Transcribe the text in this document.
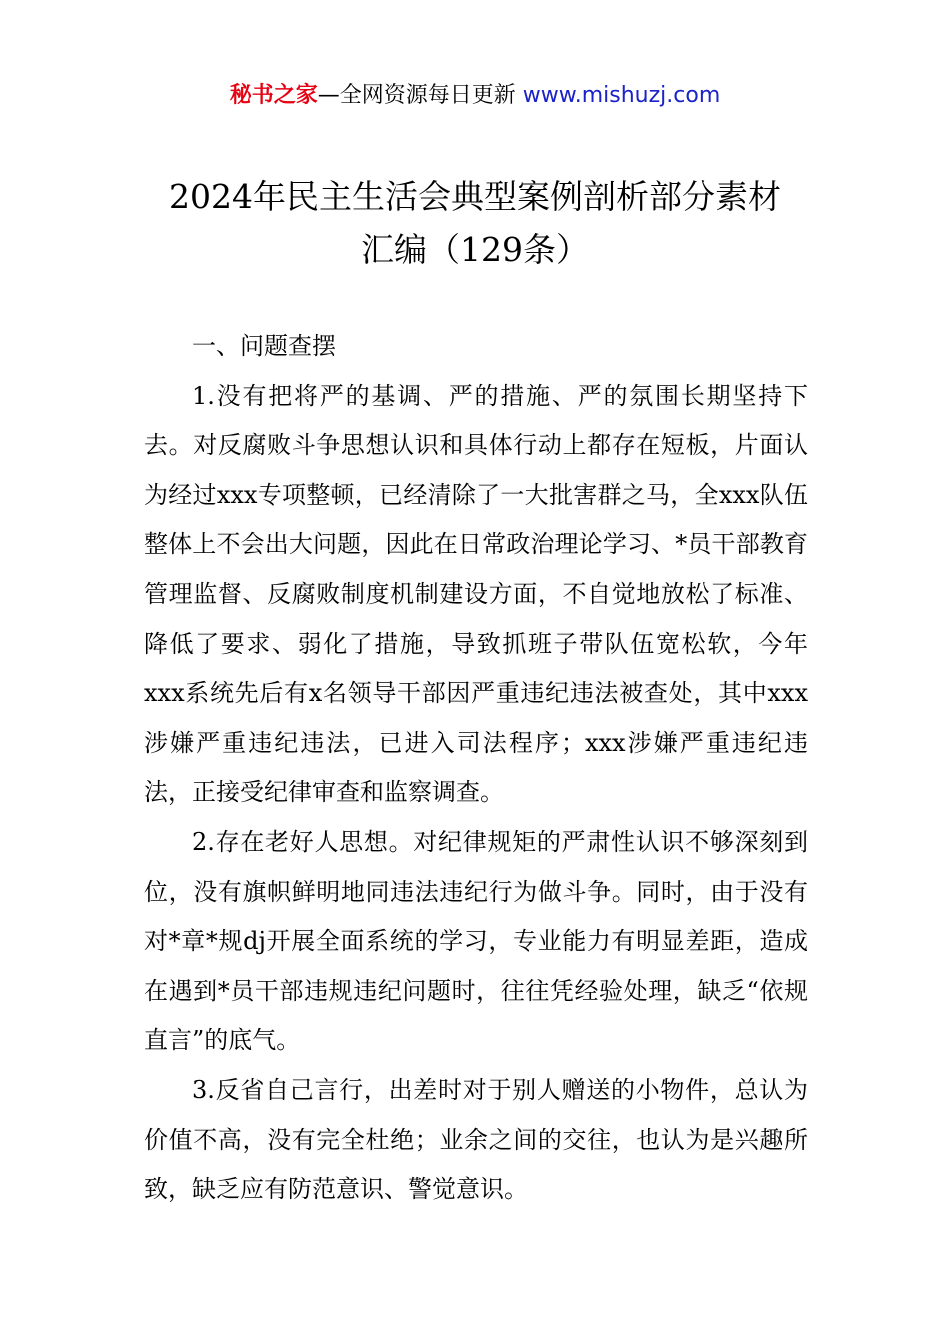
秘书之家—全网资源每日更新 www.mishuzj.com
2024年民主生活会典型案例剖析部分素材
汇编（129条）

一、问题查摆

1.没有把将严的基调、严的措施、严的氛围长期坚持下去。对反腐败斗争思想认识和具体行动上都存在短板，片面认为经过xxx专项整顿，已经清除了一大批害群之马，全xxx队伍整体上不会出大问题，因此在日常政治理论学习、*员干部教育管理监督、反腐败制度机制建设方面，不自觉地放松了标准、降低了要求、弱化了措施，导致抓班子带队伍宽松软，今年xxx系统先后有x名领导干部因严重违纪违法被查处，其中xxx涉嫌严重违纪违法，已进入司法程序；xxx涉嫌严重违纪违法，正接受纪律审查和监察调查。

2.存在老好人思想。对纪律规矩的严肃性认识不够深刻到位，没有旗帜鲜明地同违法违纪行为做斗争。同时，由于没有对*章*规dj开展全面系统的学习，专业能力有明显差距，造成在遇到*员干部违规违纪问题时，往往凭经验处理，缺乏“依规直言”的底气。

3.反省自己言行，出差时对于别人赠送的小物件，总认为价值不高，没有完全杜绝；业余之间的交往，也认为是兴趣所致，缺乏应有防范意识、警觉意识。
